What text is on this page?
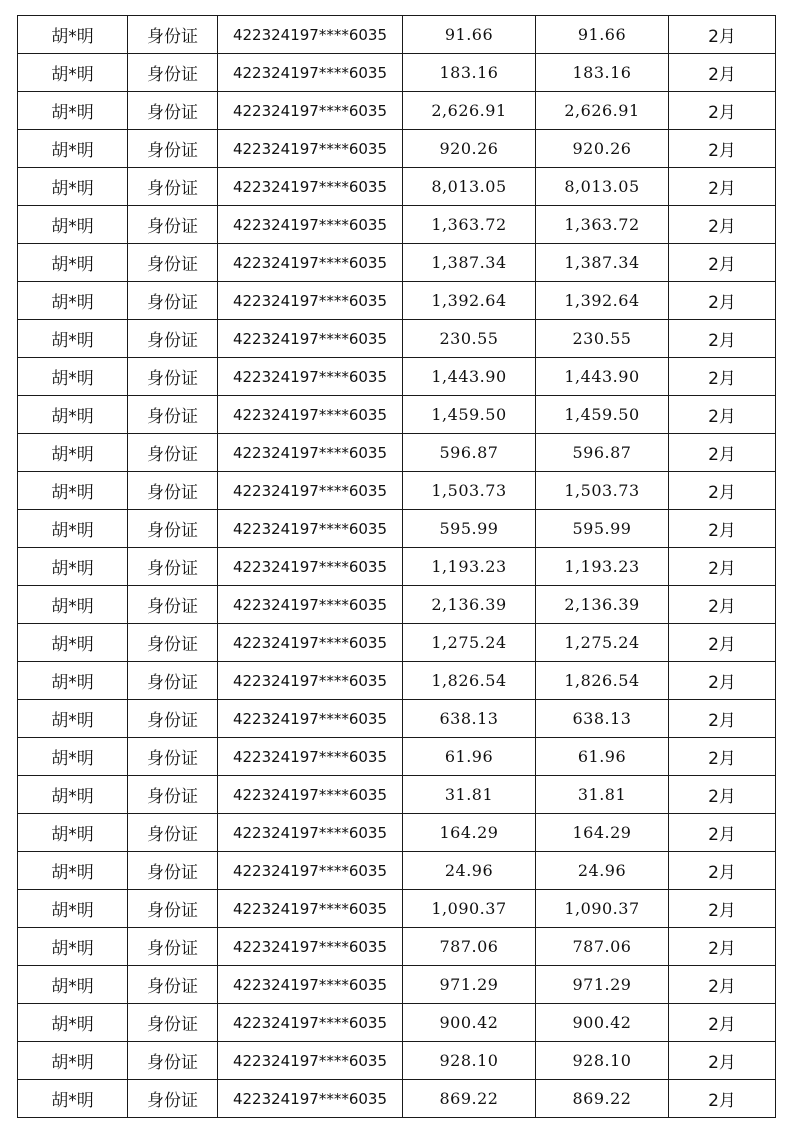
胡*明	身份证	422324197****6035	91.66	91.66	2月
胡*明	身份证	422324197****6035	183.16	183.16	2月
胡*明	身份证	422324197****6035	2,626.91	2,626.91	2月
胡*明	身份证	422324197****6035	920.26	920.26	2月
胡*明	身份证	422324197****6035	8,013.05	8,013.05	2月
胡*明	身份证	422324197****6035	1,363.72	1,363.72	2月
胡*明	身份证	422324197****6035	1,387.34	1,387.34	2月
胡*明	身份证	422324197****6035	1,392.64	1,392.64	2月
胡*明	身份证	422324197****6035	230.55	230.55	2月
胡*明	身份证	422324197****6035	1,443.90	1,443.90	2月
胡*明	身份证	422324197****6035	1,459.50	1,459.50	2月
胡*明	身份证	422324197****6035	596.87	596.87	2月
胡*明	身份证	422324197****6035	1,503.73	1,503.73	2月
胡*明	身份证	422324197****6035	595.99	595.99	2月
胡*明	身份证	422324197****6035	1,193.23	1,193.23	2月
胡*明	身份证	422324197****6035	2,136.39	2,136.39	2月
胡*明	身份证	422324197****6035	1,275.24	1,275.24	2月
胡*明	身份证	422324197****6035	1,826.54	1,826.54	2月
胡*明	身份证	422324197****6035	638.13	638.13	2月
胡*明	身份证	422324197****6035	61.96	61.96	2月
胡*明	身份证	422324197****6035	31.81	31.81	2月
胡*明	身份证	422324197****6035	164.29	164.29	2月
胡*明	身份证	422324197****6035	24.96	24.96	2月
胡*明	身份证	422324197****6035	1,090.37	1,090.37	2月
胡*明	身份证	422324197****6035	787.06	787.06	2月
胡*明	身份证	422324197****6035	971.29	971.29	2月
胡*明	身份证	422324197****6035	900.42	900.42	2月
胡*明	身份证	422324197****6035	928.10	928.10	2月
胡*明	身份证	422324197****6035	869.22	869.22	2月
